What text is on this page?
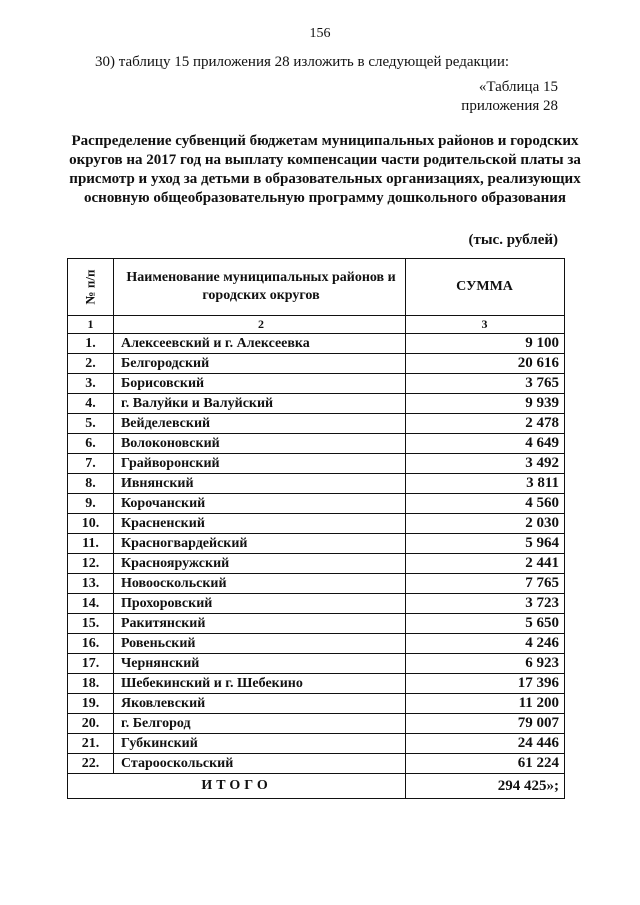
156
30) таблицу 15 приложения 28 изложить в следующей редакции:
«Таблица 15
приложения 28
Распределение субвенций бюджетам муниципальных районов и городских округов на 2017 год на выплату компенсации части родительской платы за присмотр и уход за детьми в образовательных организациях, реализующих основную общеобразовательную программу дошкольного образования
(тыс. рублей)
№ п/п	Наименование муниципальных районов и городских округов	СУММА
1	2	3
1.	Алексеевский и г. Алексеевка	9 100
2.	Белгородский	20 616
3.	Борисовский	3 765
4.	г. Валуйки и Валуйский	9 939
5.	Вейделевский	2 478
6.	Волоконовский	4 649
7.	Грайворонский	3 492
8.	Ивнянский	3 811
9.	Корочанский	4 560
10.	Красненский	2 030
11.	Красногвардейский	5 964
12.	Краснояружский	2 441
13.	Новооскольский	7 765
14.	Прохоровский	3 723
15.	Ракитянский	5 650
16.	Ровеньский	4 246
17.	Чернянский	6 923
18.	Шебекинский и г. Шебекино	17 396
19.	Яковлевский	11 200
20.	г. Белгород	79 007
21.	Губкинский	24 446
22.	Старооскольский	61 224
ИТОГО		294 425»;
